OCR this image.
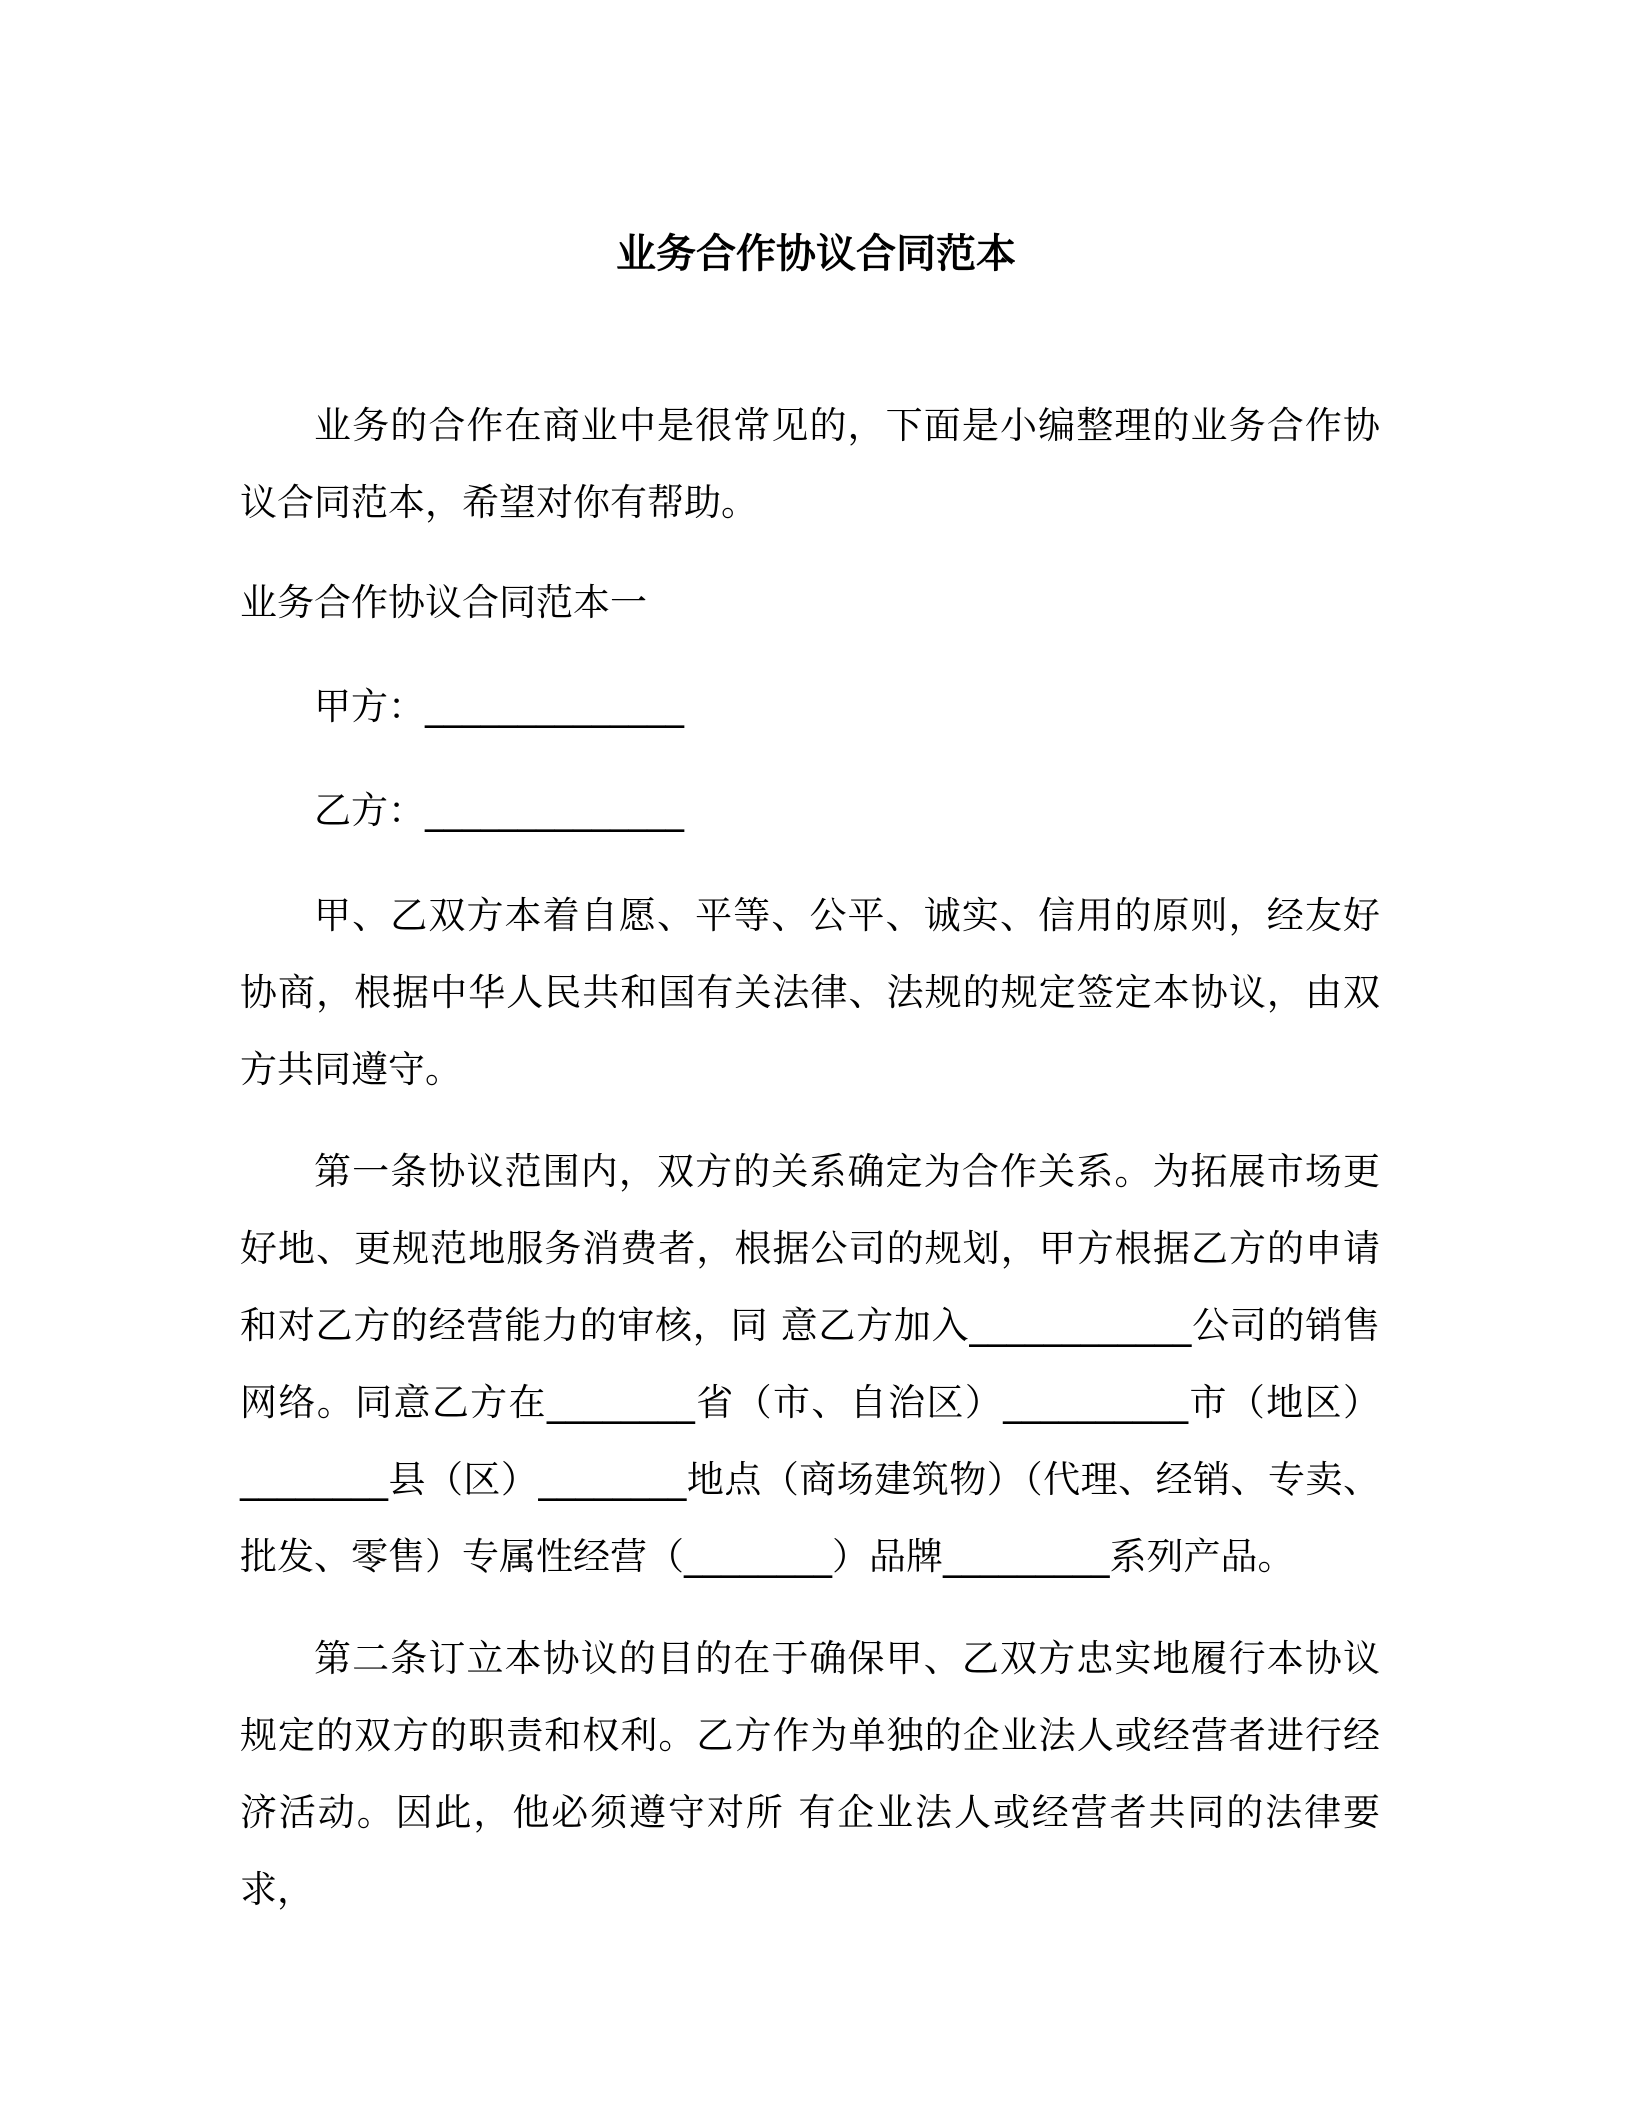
业务合作协议合同范本

业务的合作在商业中是很常见的，下面是小编整理的业务合作协议合同范本，希望对你有帮助。

业务合作协议合同范本一

甲方：______________

乙方：______________

甲、乙双方本着自愿、平等、公平、诚实、信用的原则，经友好协商，根据中华人民共和国有关法律、法规的规定签定本协议，由双方共同遵守。

第一条协议范围内，双方的关系确定为合作关系。为拓展市场更好地、更规范地服务消费者，根据公司的规划，甲方根据乙方的申请和对乙方的经营能力的审核，同 意乙方加入____________公司的销售网络。同意乙方在________省（市、自治区）__________市（地区）________县（区）________地点（商场建筑物）（代理、经销、专卖、批发、零售）专属性经营（________）品牌_________系列产品。

第二条订立本协议的目的在于确保甲、乙双方忠实地履行本协议规定的双方的职责和权利。乙方作为单独的企业法人或经营者进行经济活动。因此，他必须遵守对所 有企业法人或经营者共同的法律要求，
